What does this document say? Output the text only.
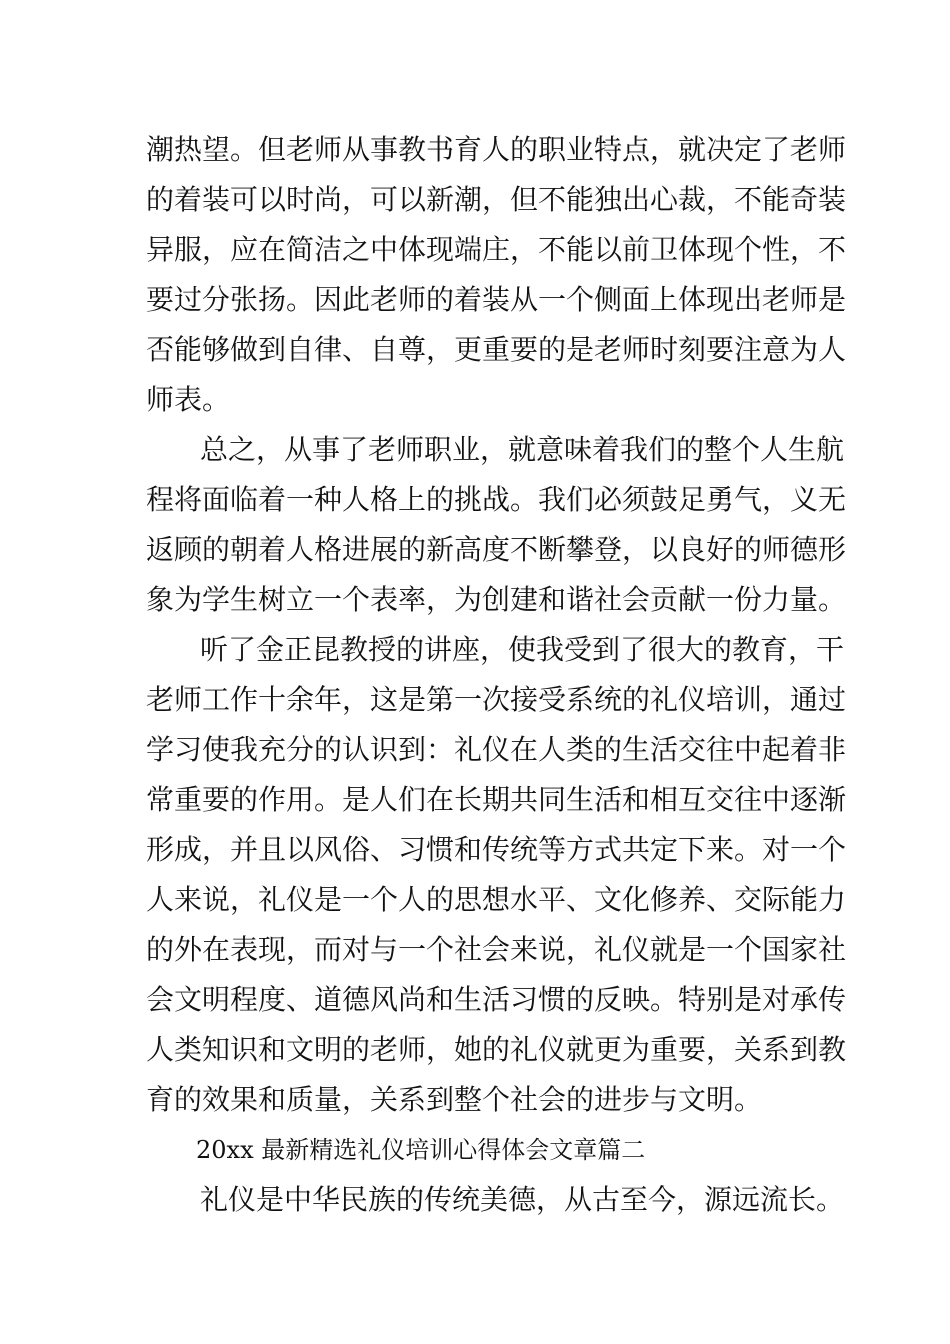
潮热望。但老师从事教书育人的职业特点，就决定了老师
的着装可以时尚，可以新潮，但不能独出心裁，不能奇装
异服，应在简洁之中体现端庄，不能以前卫体现个性，不
要过分张扬。因此老师的着装从一个侧面上体现出老师是
否能够做到自律、自尊，更重要的是老师时刻要注意为人
师表。
总之，从事了老师职业，就意味着我们的整个人生航
程将面临着一种人格上的挑战。我们必须鼓足勇气，义无
返顾的朝着人格进展的新高度不断攀登，以良好的师德形
象为学生树立一个表率，为创建和谐社会贡献一份力量。
听了金正昆教授的讲座，使我受到了很大的教育，干
老师工作十余年，这是第一次接受系统的礼仪培训，通过
学习使我充分的认识到：礼仪在人类的生活交往中起着非
常重要的作用。是人们在长期共同生活和相互交往中逐渐
形成，并且以风俗、习惯和传统等方式共定下来。对一个
人来说，礼仪是一个人的思想水平、文化修养、交际能力
的外在表现，而对与一个社会来说，礼仪就是一个国家社
会文明程度、道德风尚和生活习惯的反映。特别是对承传
人类知识和文明的老师，她的礼仪就更为重要，关系到教
育的效果和质量，关系到整个社会的进步与文明。
20xx 最新精选礼仪培训心得体会文章篇二
礼仪是中华民族的传统美德，从古至今，源远流长。
